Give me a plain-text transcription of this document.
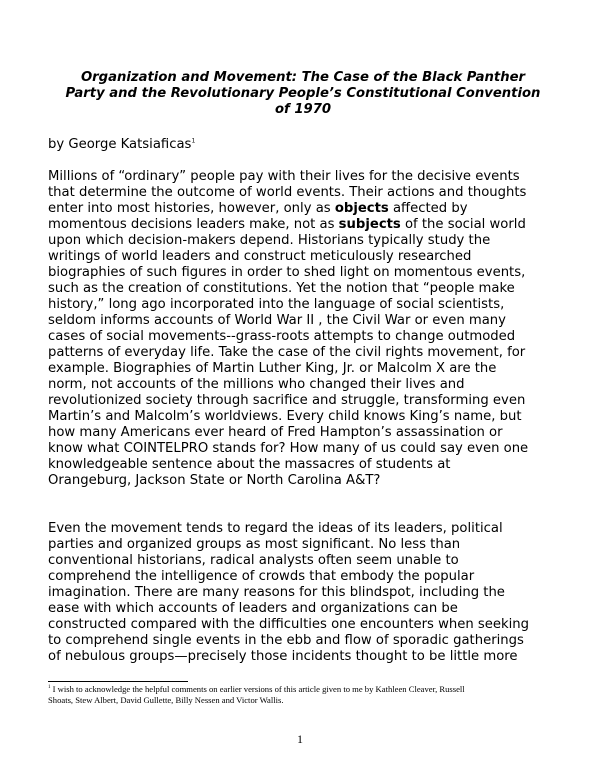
Organization and Movement: The Case of the Black Panther
Party and the Revolutionary People’s Constitutional Convention
of 1970
by George Katsiaficas$^1$
Millions of “ordinary” people pay with their lives for the decisive events
that determine the outcome of world events. Their actions and thoughts
enter into most histories, however, only as objects affected by
momentous decisions leaders make, not as subjects of the social world
upon which decision-makers depend. Historians typically study the
writings of world leaders and construct meticulously researched
biographies of such figures in order to shed light on momentous events,
such as the creation of constitutions. Yet the notion that “people make
history,” long ago incorporated into the language of social scientists,
seldom informs accounts of World War II , the Civil War or even many
cases of social movements--grass-roots attempts to change outmoded
patterns of everyday life. Take the case of the civil rights movement, for
example. Biographies of Martin Luther King, Jr. or Malcolm X are the
norm, not accounts of the millions who changed their lives and
revolutionized society through sacrifice and struggle, transforming even
Martin’s and Malcolm’s worldviews. Every child knows King’s name, but
how many Americans ever heard of Fred Hampton’s assassination or
know what COINTELPRO stands for? How many of us could say even one
knowledgeable sentence about the massacres of students at
Orangeburg, Jackson State or North Carolina A&T?
Even the movement tends to regard the ideas of its leaders, political
parties and organized groups as most significant. No less than
conventional historians, radical analysts often seem unable to
comprehend the intelligence of crowds that embody the popular
imagination. There are many reasons for this blindspot, including the
ease with which accounts of leaders and organizations can be
constructed compared with the difficulties one encounters when seeking
to comprehend single events in the ebb and flow of sporadic gatherings
of nebulous groups—precisely those incidents thought to be little more
$^1$ I wish to acknowledge the helpful comments on earlier versions of this article given to me by Kathleen Cleaver, Russell
Shoats, Stew Albert, David Gullette, Billy Nessen and Victor Wallis.
1
